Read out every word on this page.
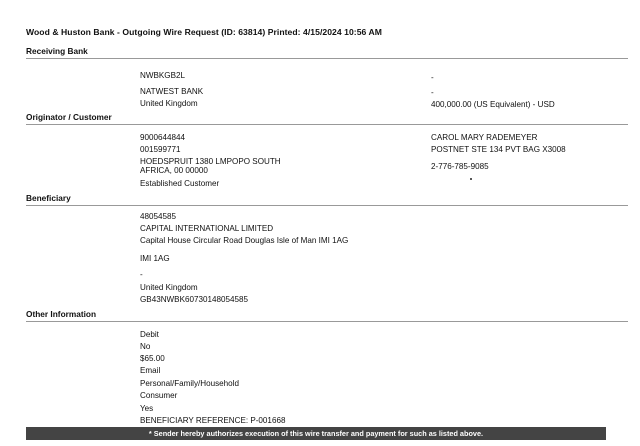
Wood & Huston Bank - Outgoing Wire Request (ID: 63814) Printed: 4/15/2024 10:56 AM
Receiving Bank
NWBKGB2L
NATWEST BANK
United Kingdom
-
-
400,000.00 (US Equivalent) - USD
Originator / Customer
9000644844
001599771
HOEDSPRUIT 1380 LMPOPO SOUTH
AFRICA, 00 00000
Established Customer
CAROL MARY RADEMEYER
POSTNET STE 134 PVT BAG X3008
2-776-785-9085
Beneficiary
48054585
CAPITAL INTERNATIONAL LIMITED
Capital House Circular Road Douglas Isle of Man IMI 1AG
IMI 1AG
-
United Kingdom
GB43NWBK60730148054585
Other Information
Debit
No
$65.00
Email
Personal/Family/Household
Consumer
Yes
BENEFICIARY REFERENCE: P-001668
* Sender hereby authorizes execution of this wire transfer and payment for such as listed above.
